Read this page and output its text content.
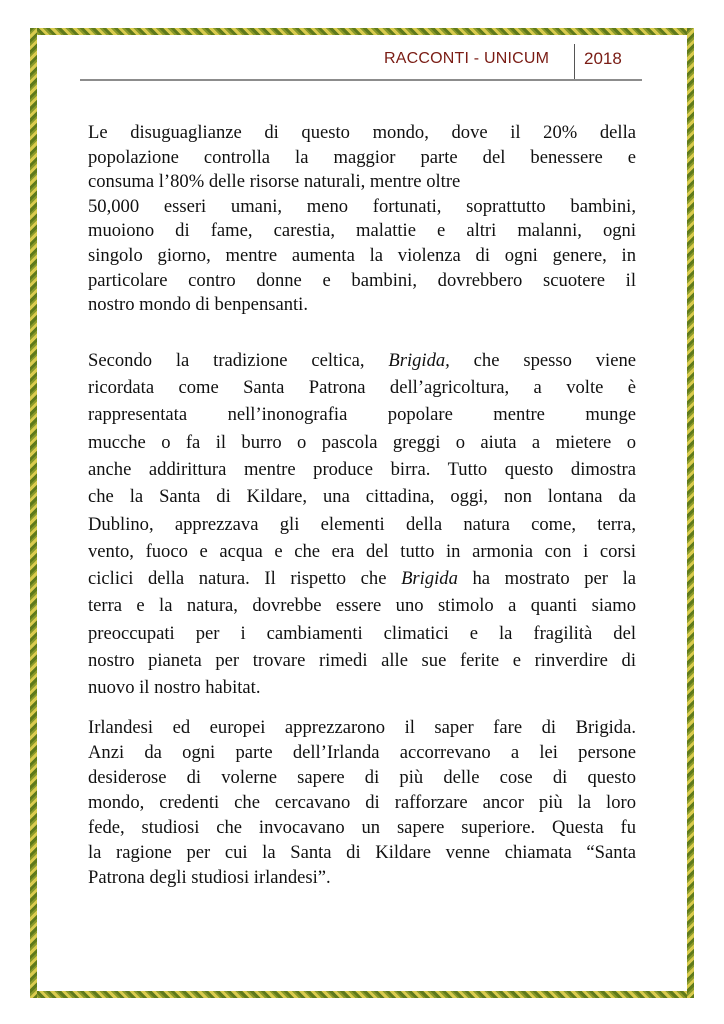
RACCONTI - UNICUM 2018
Le disuguaglianze di questo mondo, dove il 20% della
popolazione controlla la maggior parte del benessere e
consuma l’80% delle risorse naturali, mentre oltre
50,000 esseri umani, meno fortunati, soprattutto bambini,
muoiono di fame, carestia, malattie e altri malanni, ogni
singolo giorno, mentre aumenta la violenza di ogni genere, in
particolare contro donne e bambini, dovrebbero scuotere il
nostro mondo di benpensanti.
Secondo la tradizione celtica, Brigida, che spesso viene
ricordata come Santa Patrona dell’agricoltura, a volte è
rappresentata nell’inonografia popolare mentre munge
mucche o fa il burro o pascola greggi o aiuta a mietere o
anche addirittura mentre produce birra. Tutto questo dimostra
che la Santa di Kildare, una cittadina, oggi, non lontana da
Dublino, apprezzava gli elementi della natura come, terra,
vento, fuoco e acqua e che era del tutto in armonia con i corsi
ciclici della natura. Il rispetto che Brigida ha mostrato per la
terra e la natura, dovrebbe essere uno stimolo a quanti siamo
preoccupati per i cambiamenti climatici e la fragilità del
nostro pianeta per trovare rimedi alle sue ferite e rinverdire di
nuovo il nostro habitat.
Irlandesi ed europei apprezzarono il saper fare di Brigida.
Anzi da ogni parte dell’Irlanda accorrevano a lei persone
desiderose di volerne sapere di più delle cose di questo
mondo, credenti che cercavano di rafforzare ancor più la loro
fede, studiosi che invocavano un sapere superiore. Questa fu
la ragione per cui la Santa di Kildare venne chiamata “Santa
Patrona degli studiosi irlandesi”.
